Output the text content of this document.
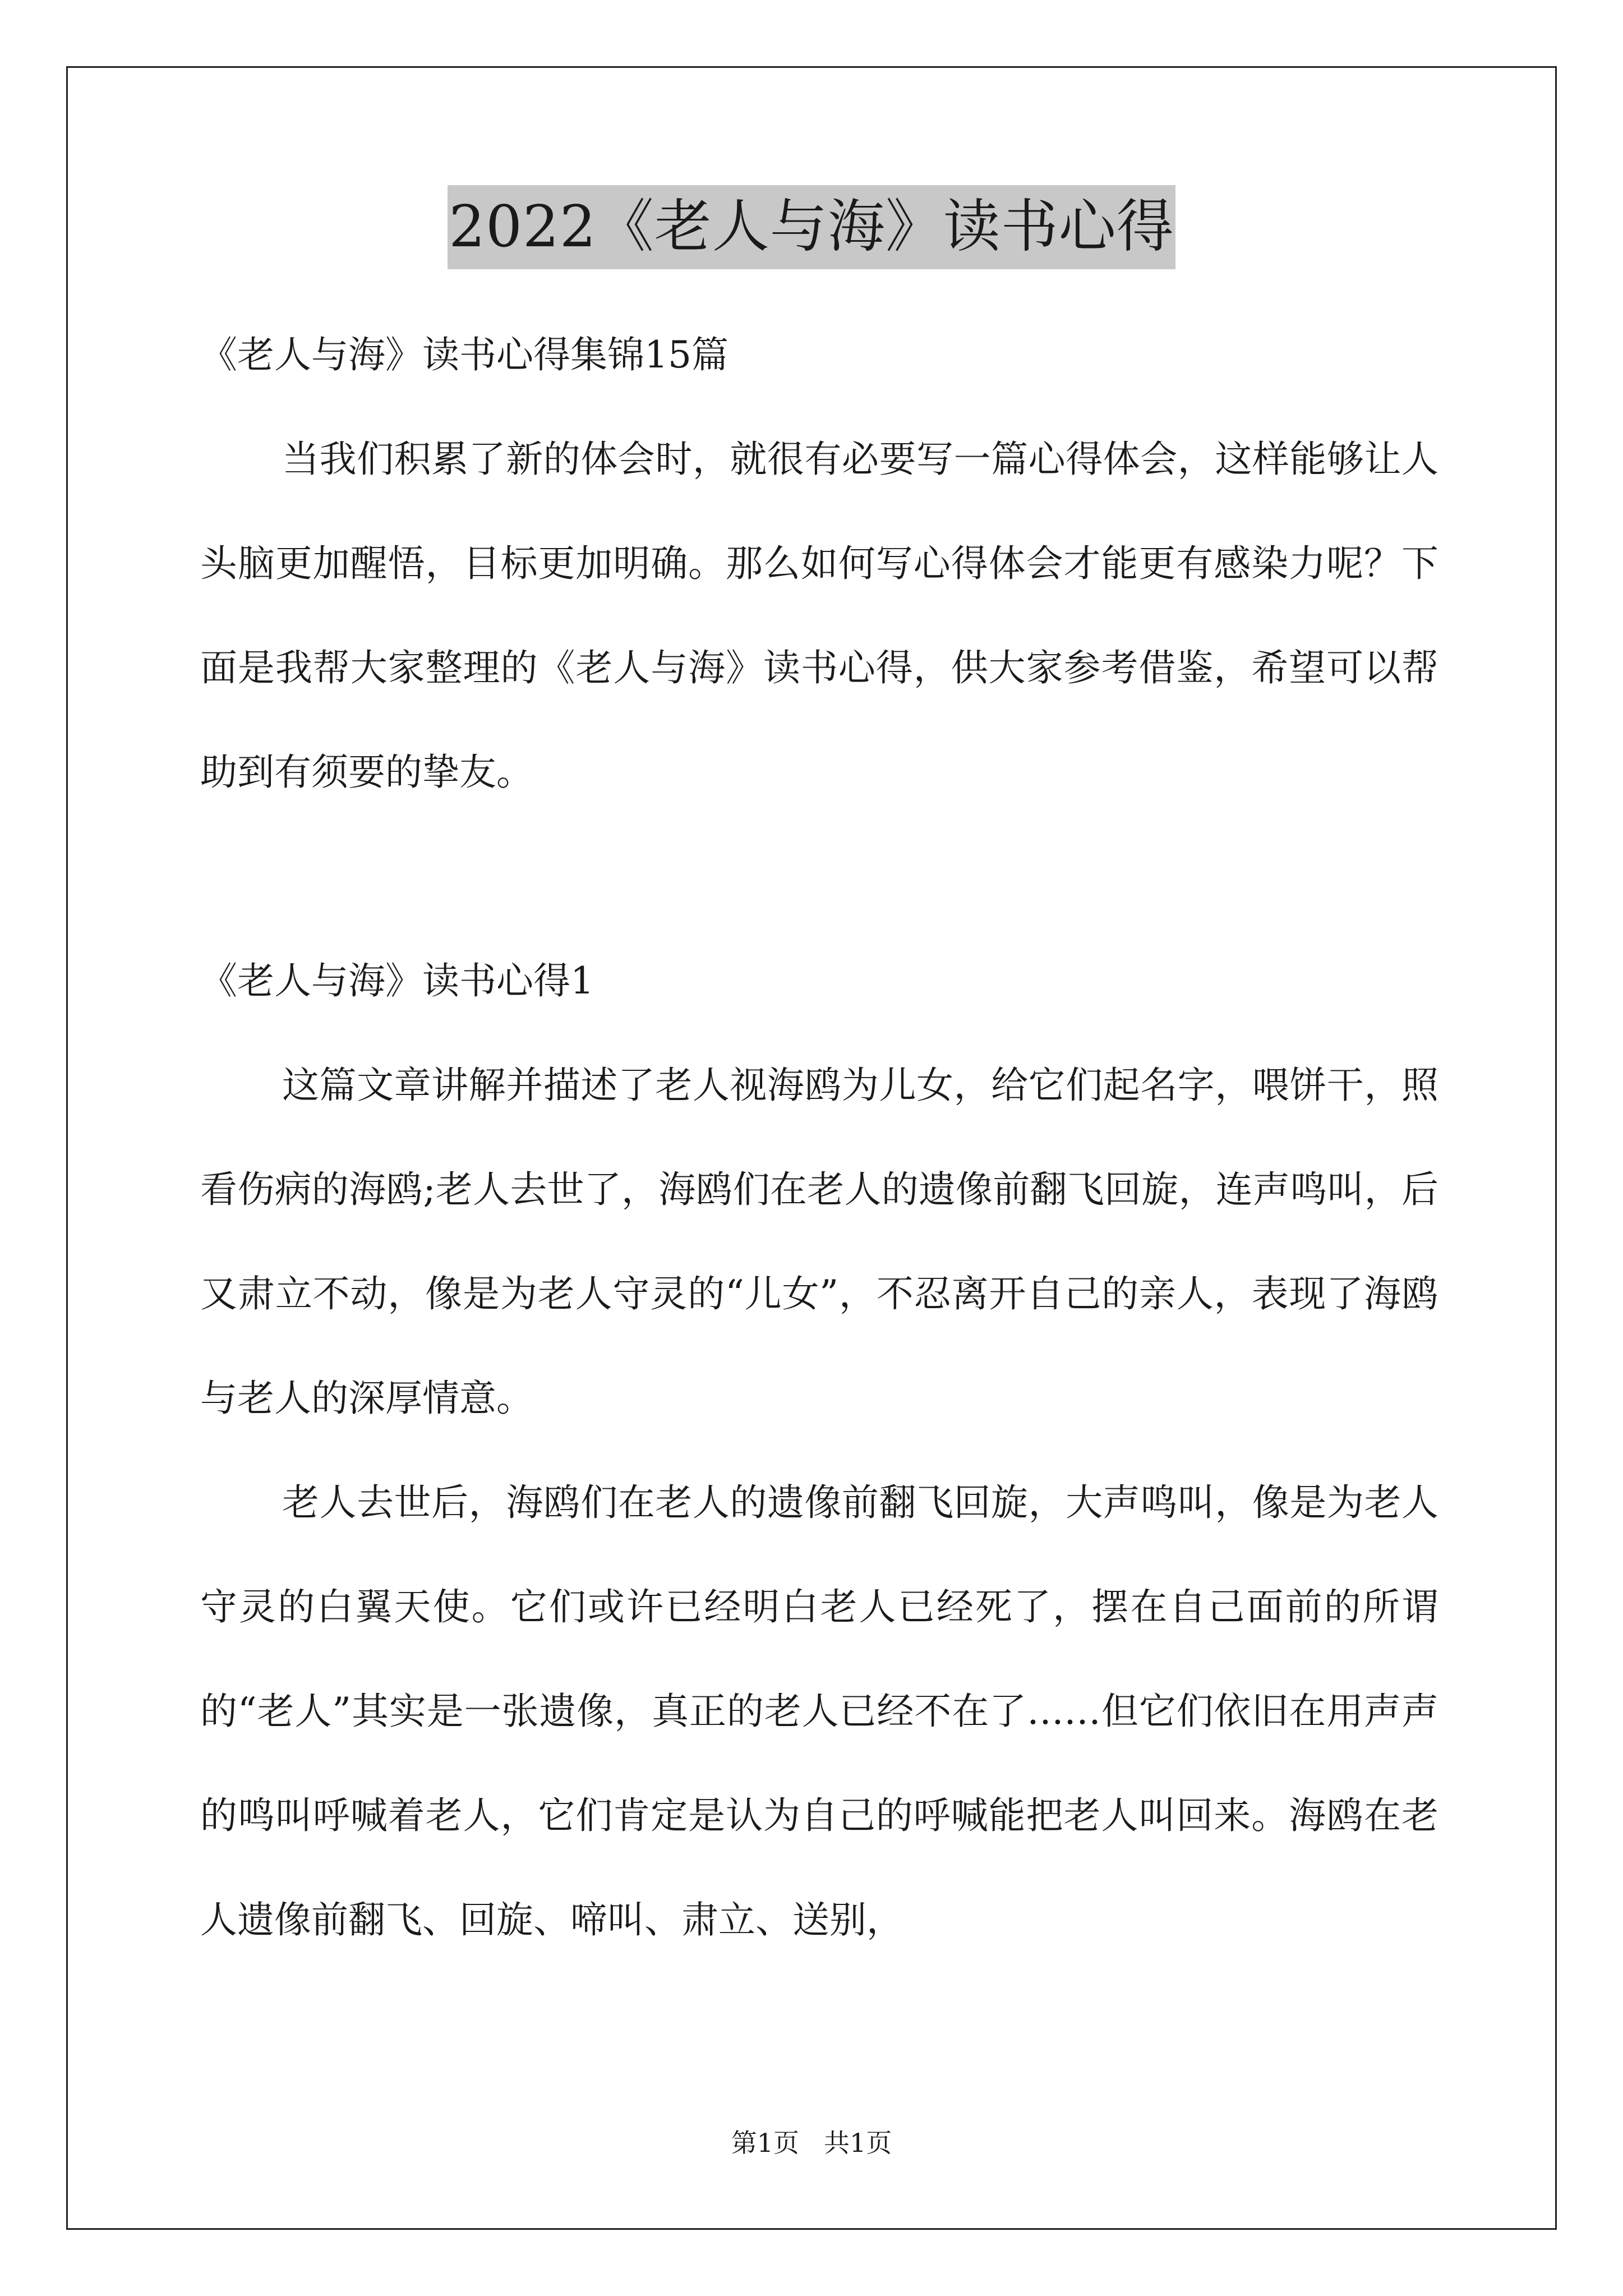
2022《老人与海》读书心得

《老人与海》读书心得集锦15篇

当我们积累了新的体会时，就很有必要写一篇心得体会，这样能够让人头脑更加醒悟，目标更加明确。那么如何写心得体会才能更有感染力呢？下面是我帮大家整理的《老人与海》读书心得，供大家参考借鉴，希望可以帮助到有须要的挚友。

《老人与海》读书心得1

这篇文章讲解并描述了老人视海鸥为儿女，给它们起名字，喂饼干，照看伤病的海鸥;老人去世了，海鸥们在老人的遗像前翻飞回旋，连声鸣叫，后又肃立不动，像是为老人守灵的“儿女”，不忍离开自己的亲人，表现了海鸥与老人的深厚情意。

老人去世后，海鸥们在老人的遗像前翻飞回旋，大声鸣叫，像是为老人守灵的白翼天使。它们或许已经明白老人已经死了，摆在自己面前的所谓的“老人”其实是一张遗像，真正的老人已经不在了……但它们依旧在用声声的鸣叫呼喊着老人，它们肯定是认为自己的呼喊能把老人叫回来。海鸥在老人遗像前翻飞、回旋、啼叫、肃立、送别，

第1页 共1页
